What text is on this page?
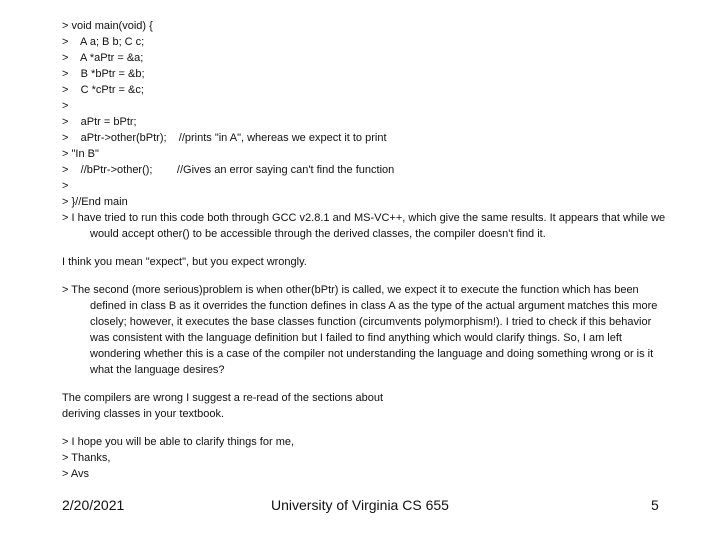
> void main(void) {
>    A a; B b; C c;
>    A *aPtr = &a;
>    B *bPtr = &b;
>    C *cPtr = &c;
>
>    aPtr = bPtr;
>    aPtr->other(bPtr);    //prints "in A", whereas we expect it to print
> "In B"
>    //bPtr->other();        //Gives an error saying can't find the function
>
> }//End main
> I have tried to run this code both through GCC v2.8.1 and MS-VC++, which give the same results. It appears that while we would accept other() to be accessible through the derived classes, the compiler doesn't find it.
I think you mean "expect", but you expect wrongly.
> The second (more serious)problem is when other(bPtr) is called, we expect it to execute the function which has been defined in class B as it overrides the function defines in class A as the type of the actual argument matches this more closely; however, it executes the base classes function (circumvents polymorphism!). I tried to check if this behavior was consistent with the language definition but I failed to find anything which would clarify things. So, I am left wondering whether this is a case of the compiler not understanding the language and doing something wrong or is it what the language desires?
The compilers are wrong I suggest a re-read of the sections about
deriving classes in your textbook.
> I hope you will be able to clarify things for me,
> Thanks,
> Avs
2/20/2021	University of Virginia CS 655	5
